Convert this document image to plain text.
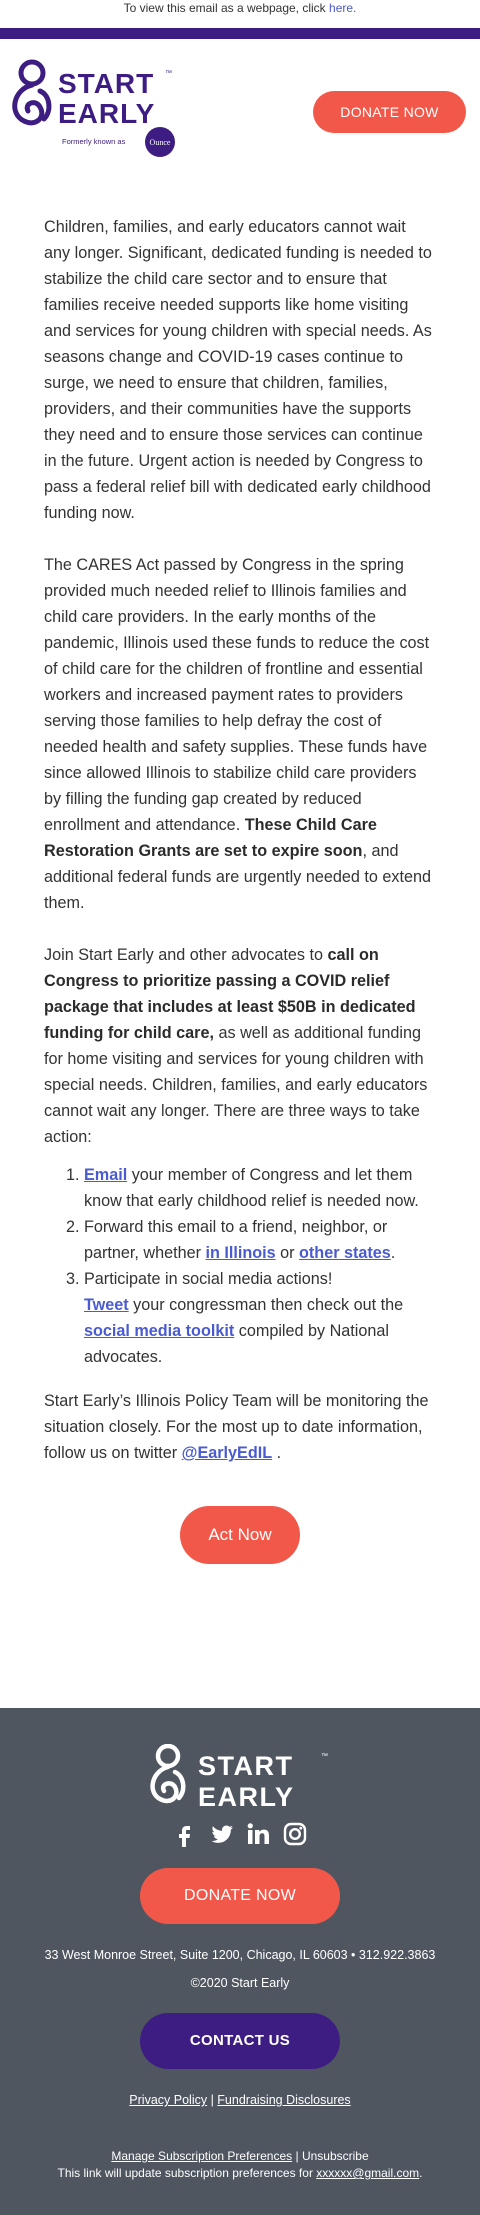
To view this email as a webpage, click here.
START ™
EARLY
Formerly known as	Ounce
DONATE NOW

Children, families, and early educators cannot wait any longer. Significant, dedicated funding is needed to stabilize the child care sector and to ensure that families receive needed supports like home visiting and services for young children with special needs. As seasons change and COVID-19 cases continue to surge, we need to ensure that children, families, providers, and their communities have the supports they need and to ensure those services can continue in the future. Urgent action is needed by Congress to pass a federal relief bill with dedicated early childhood funding now.

The CARES Act passed by Congress in the spring provided much needed relief to Illinois families and child care providers. In the early months of the pandemic, Illinois used these funds to reduce the cost of child care for the children of frontline and essential workers and increased payment rates to providers serving those families to help defray the cost of needed health and safety supplies. These funds have since allowed Illinois to stabilize child care providers by filling the funding gap created by reduced enrollment and attendance. These Child Care Restoration Grants are set to expire soon, and additional federal funds are urgently needed to extend them.

Join Start Early and other advocates to call on Congress to prioritize passing a COVID relief package that includes at least $50B in dedicated funding for child care, as well as additional funding for home visiting and services for young children with special needs. Children, families, and early educators cannot wait any longer. There are three ways to take action:

1. Email your member of Congress and let them know that early childhood relief is needed now.
2. Forward this email to a friend, neighbor, or partner, whether in Illinois or other states.
3. Participate in social media actions!
Tweet your congressman then check out the social media toolkit compiled by National advocates.

Start Early’s Illinois Policy Team will be monitoring the situation closely. For the most up to date information, follow us on twitter @EarlyEdIL .

Act Now
START	™
EARLY

DONATE NOW
33 West Monroe Street, Suite 1200, Chicago, IL 60603 • 312.922.3863
©2020 Start Early
CONTACT US
Privacy Policy | Fundraising Disclosures
Manage Subscription Preferences | Unsubscribe
This link will update subscription preferences for xxxxxx@gmail.com.
